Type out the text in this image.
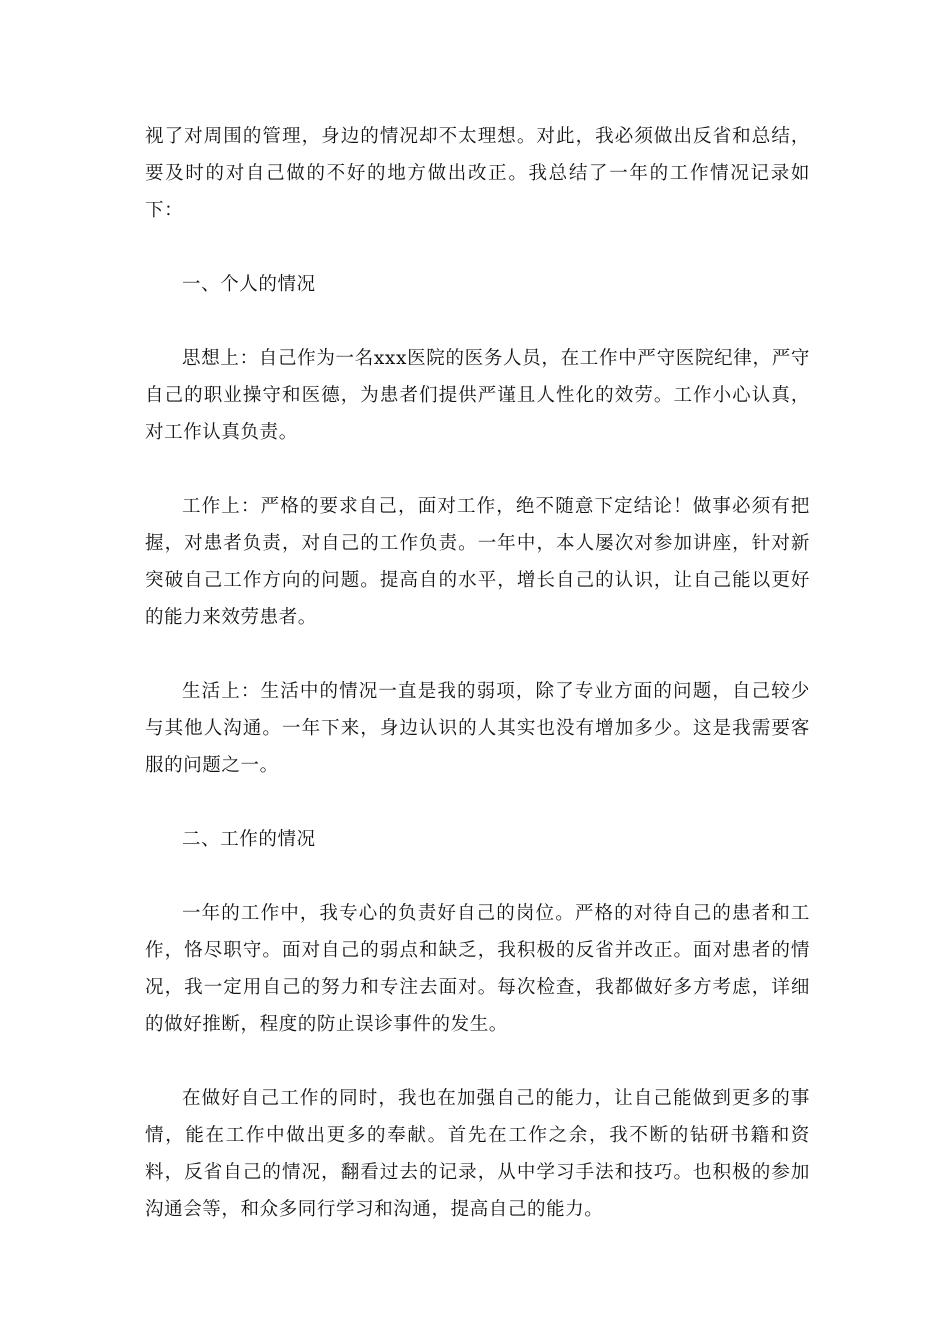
视了对周围的管理，身边的情况却不太理想。对此，我必须做出反省和总结，要及时的对自己做的不好的地方做出改正。我总结了一年的工作情况记录如下：

一、个人的情况

思想上：自己作为一名xxx医院的医务人员，在工作中严守医院纪律，严守自己的职业操守和医德，为患者们提供严谨且人性化的效劳。工作小心认真，对工作认真负责。

工作上：严格的要求自己，面对工作，绝不随意下定结论！做事必须有把握，对患者负责，对自己的工作负责。一年中，本人屡次对参加讲座，针对新突破自己工作方向的问题。提高自的水平，增长自己的认识，让自己能以更好的能力来效劳患者。

生活上：生活中的情况一直是我的弱项，除了专业方面的问题，自己较少与其他人沟通。一年下来，身边认识的人其实也没有增加多少。这是我需要客服的问题之一。

二、工作的情况

一年的工作中，我专心的负责好自己的岗位。严格的对待自己的患者和工作，恪尽职守。面对自己的弱点和缺乏，我积极的反省并改正。面对患者的情况，我一定用自己的努力和专注去面对。每次检查，我都做好多方考虑，详细的做好推断，程度的防止误诊事件的发生。

在做好自己工作的同时，我也在加强自己的能力，让自己能做到更多的事情，能在工作中做出更多的奉献。首先在工作之余，我不断的钻研书籍和资料，反省自己的情况，翻看过去的记录，从中学习手法和技巧。也积极的参加沟通会等，和众多同行学习和沟通，提高自己的能力。
